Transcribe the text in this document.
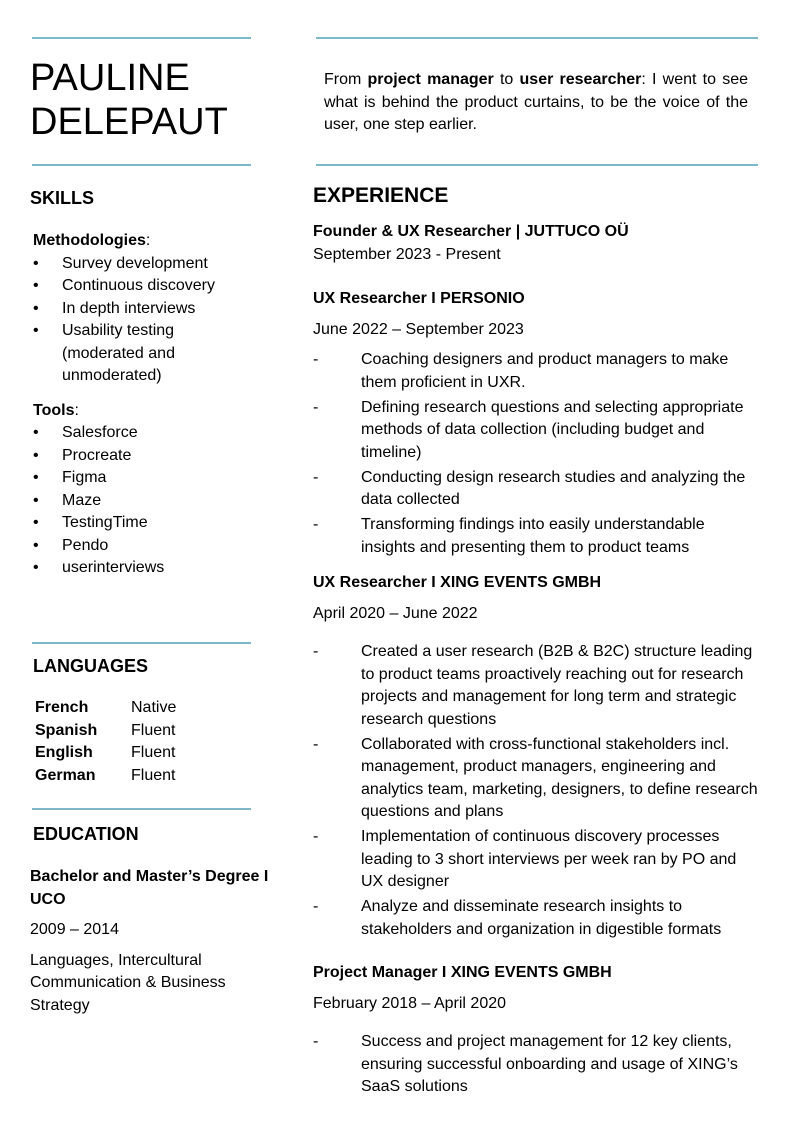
PAULINE
DELEPAUT
From project manager to user researcher: I went to see what is behind the product curtains, to be the voice of the user, one step earlier.
SKILLS
Methodologies:
• Survey development
• Continuous discovery
• In depth interviews
• Usability testing (moderated and unmoderated)
Tools:
• Salesforce
• Procreate
• Figma
• Maze
• TestingTime
• Pendo
• userinterviews
LANGUAGES
French	Native
Spanish	Fluent
English	Fluent
German	Fluent
EDUCATION
Bachelor and Master’s Degree I UCO
2009 – 2014
Languages, Intercultural Communication & Business Strategy
EXPERIENCE
Founder & UX Researcher | JUTTUCO OÜ
September 2023 - Present
UX Researcher I PERSONIO
June 2022 – September 2023
-	Coaching designers and product managers to make them proficient in UXR.
-	Defining research questions and selecting appropriate methods of data collection (including budget and timeline)
-	Conducting design research studies and analyzing the data collected
-	Transforming findings into easily understandable insights and presenting them to product teams
UX Researcher I XING EVENTS GMBH
April 2020 – June 2022
-	Created a user research (B2B & B2C) structure leading to product teams proactively reaching out for research projects and management for long term and strategic research questions
-	Collaborated with cross-functional stakeholders incl. management, product managers, engineering and analytics team, marketing, designers, to define research questions and plans
-	Implementation of continuous discovery processes leading to 3 short interviews per week ran by PO and UX designer
-	Analyze and disseminate research insights to stakeholders and organization in digestible formats
Project Manager I XING EVENTS GMBH
February 2018 – April 2020
-	Success and project management for 12 key clients, ensuring successful onboarding and usage of XING’s SaaS solutions
